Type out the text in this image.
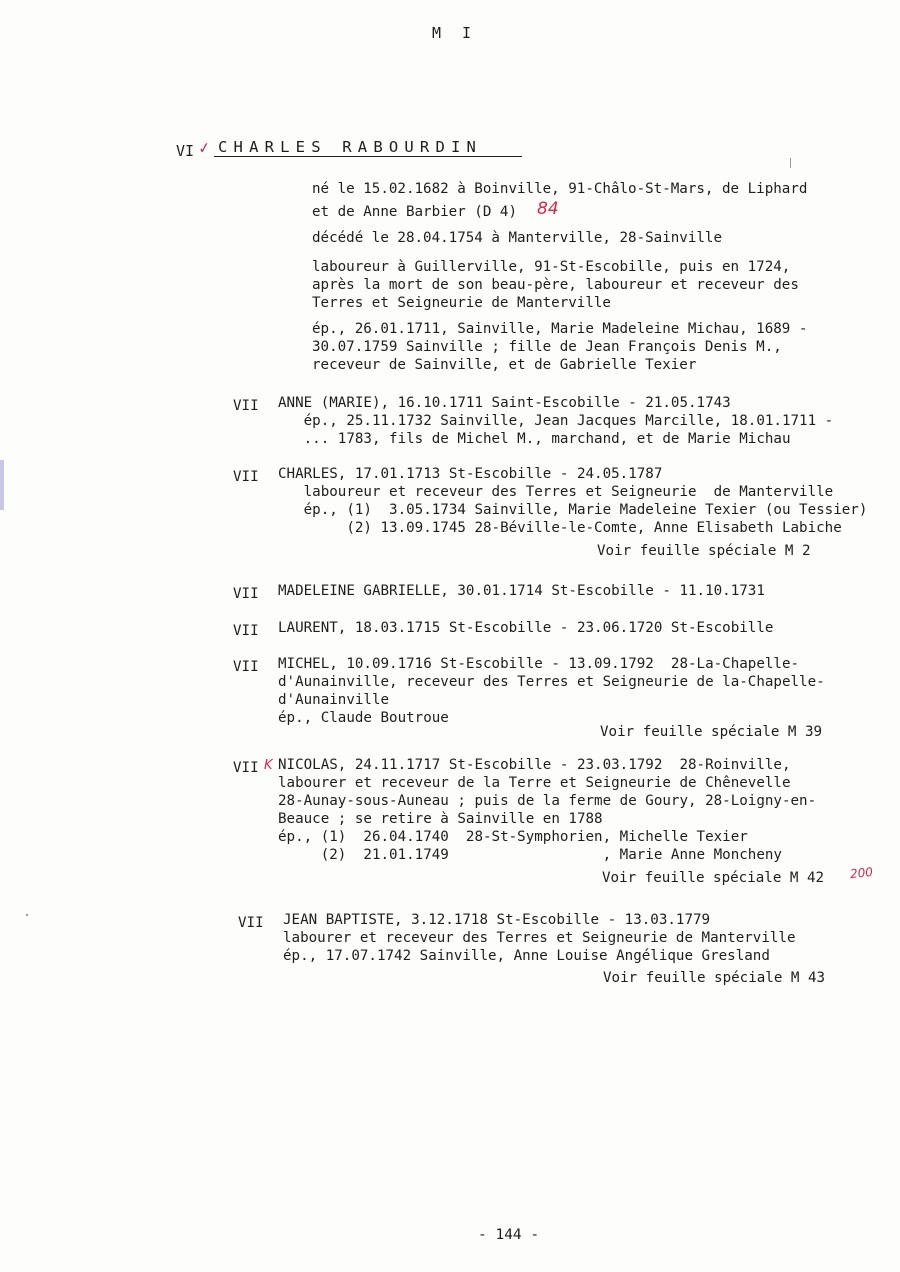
M I
VI ✓ CHARLES RABOURDIN
né le 15.02.1682 à Boinville, 91-Châlo-St-Mars, de Liphard
et de Anne Barbier (D 4)	84
décédé le 28.04.1754 à Manterville, 28-Sainville
laboureur à Guillerville, 91-St-Escobille, puis en 1724,
après la mort de son beau-père, laboureur et receveur des
Terres et Seigneurie de Manterville
ép., 26.01.1711, Sainville, Marie Madeleine Michau, 1689 -
30.07.1759 Sainville ; fille de Jean François Denis M.,
receveur de Sainville, et de Gabrielle Texier
VII ANNE (MARIE), 16.10.1711 Saint-Escobille - 21.05.1743
ép., 25.11.1732 Sainville, Jean Jacques Marcille, 18.01.1711 -
... 1783, fils de Michel M., marchand, et de Marie Michau
VII CHARLES, 17.01.1713 St-Escobille - 24.05.1787
laboureur et receveur des Terres et Seigneurie  de Manterville
ép., (1)  3.05.1734 Sainville, Marie Madeleine Texier (ou Tessier)
(2) 13.09.1745 28-Béville-le-Comte, Anne Elisabeth Labiche
Voir feuille spéciale M 2
VII MADELEINE GABRIELLE, 30.01.1714 St-Escobille - 11.10.1731
VII LAURENT, 18.03.1715 St-Escobille - 23.06.1720 St-Escobille
VII MICHEL, 10.09.1716 St-Escobille - 13.09.1792  28-La-Chapelle-
d'Aunainville, receveur des Terres et Seigneurie de la-Chapelle-
d'Aunainville
ép., Claude Boutroue
Voir feuille spéciale M 39
VII K NICOLAS, 24.11.1717 St-Escobille - 23.03.1792  28-Roinville,
labourer et receveur de la Terre et Seigneurie de Chênevelle
28-Aunay-sous-Auneau ; puis de la ferme de Goury, 28-Loigny-en-
Beauce ; se retire à Sainville en 1788
ép., (1)  26.04.1740  28-St-Symphorien, Michelle Texier
(2)  21.01.1749                  , Marie Anne Moncheny
Voir feuille spéciale M 42 200
VII JEAN BAPTISTE, 3.12.1718 St-Escobille - 13.03.1779
labourer et receveur des Terres et Seigneurie de Manterville
ép., 17.07.1742 Sainville, Anne Louise Angélique Gresland
Voir feuille spéciale M 43
- 144 -
